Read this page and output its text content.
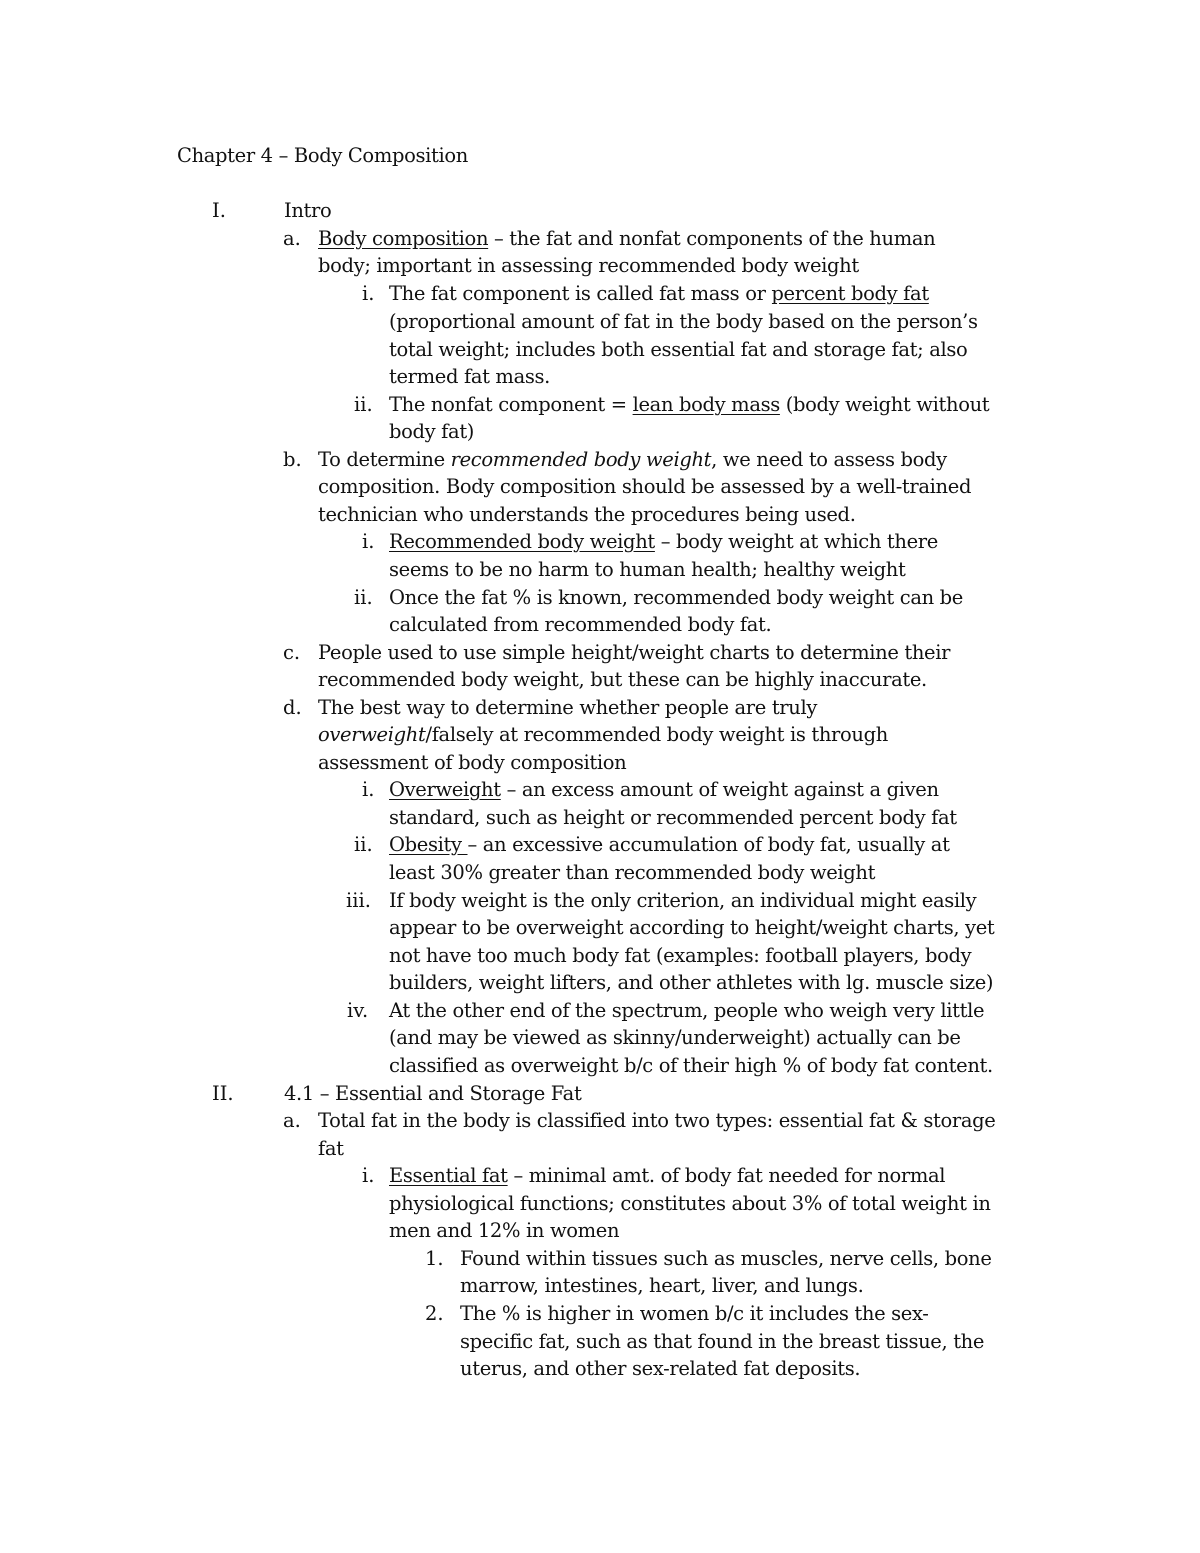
Chapter 4 – Body Composition
I.	Intro
a. Body composition – the fat and nonfat components of the human
body; important in assessing recommended body weight
i. The fat component is called fat mass or percent body fat
(proportional amount of fat in the body based on the person’s
total weight; includes both essential fat and storage fat; also
termed fat mass.
ii. The nonfat component = lean body mass (body weight without
body fat)
b. To determine recommended body weight, we need to assess body
composition. Body composition should be assessed by a well-trained
technician who understands the procedures being used.
i. Recommended body weight – body weight at which there
seems to be no harm to human health; healthy weight
ii. Once the fat % is known, recommended body weight can be
calculated from recommended body fat.
c. People used to use simple height/weight charts to determine their
recommended body weight, but these can be highly inaccurate.
d. The best way to determine whether people are truly
overweight/falsely at recommended body weight is through
assessment of body composition
i. Overweight – an excess amount of weight against a given
standard, such as height or recommended percent body fat
ii. Obesity – an excessive accumulation of body fat, usually at
least 30% greater than recommended body weight
iii. If body weight is the only criterion, an individual might easily
appear to be overweight according to height/weight charts, yet
not have too much body fat (examples: football players, body
builders, weight lifters, and other athletes with lg. muscle size)
iv. At the other end of the spectrum, people who weigh very little
(and may be viewed as skinny/underweight) actually can be
classified as overweight b/c of their high % of body fat content.
II.	4.1 – Essential and Storage Fat
a. Total fat in the body is classified into two types: essential fat & storage
fat
i. Essential fat – minimal amt. of body fat needed for normal
physiological functions; constitutes about 3% of total weight in
men and 12% in women
1. Found within tissues such as muscles, nerve cells, bone
marrow, intestines, heart, liver, and lungs.
2. The % is higher in women b/c it includes the sex-
specific fat, such as that found in the breast tissue, the
uterus, and other sex-related fat deposits.
